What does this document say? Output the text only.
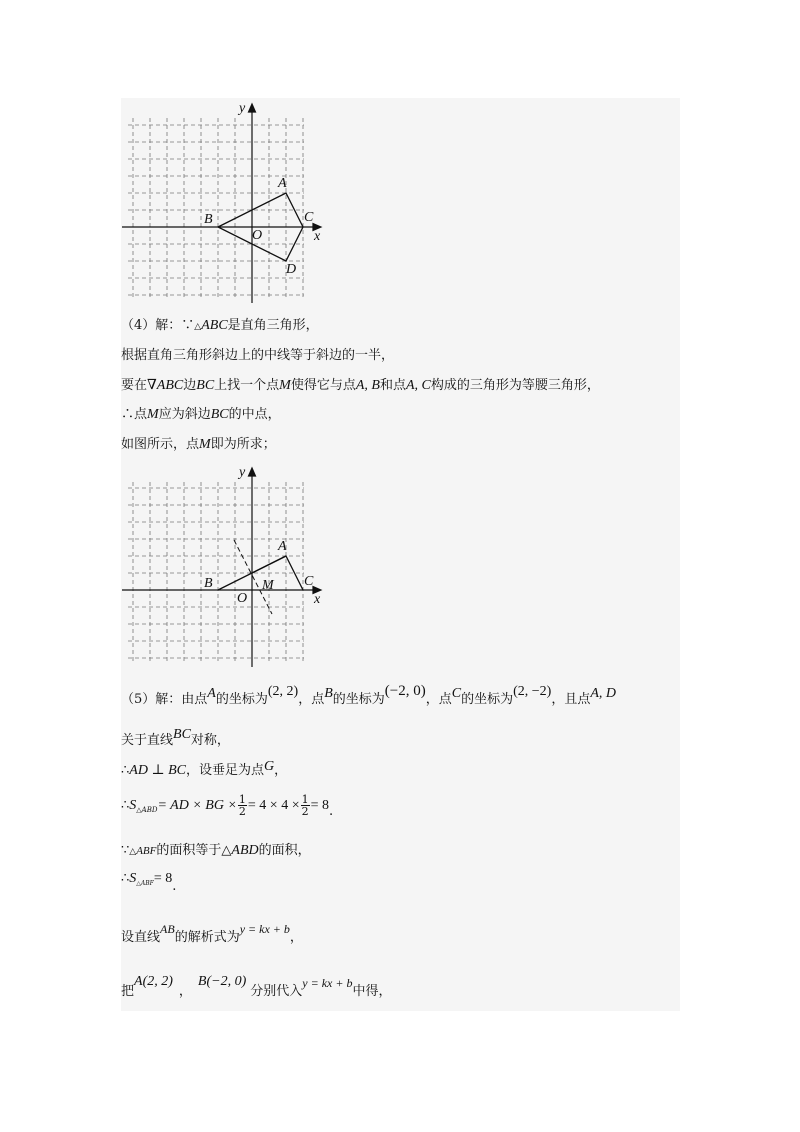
y
x
O
A
B	C
D
（4）解：∵△ABC是直角三角形，
根据直角三角形斜边上的中线等于斜边的一半，
要在∇ABC边BC上找一个点M使得它与点A, B和点A, C构成的三角形为等腰三角形，
∴点M应为斜边BC的中点，
如图所示，点M即为所求；
y
x
O
A
B	C
M
（5）解：由点A的坐标为(2, 2)，点B的坐标为(−2, 0)，点C的坐标为(2, −2)，且点A, D
关于直线BC对称，
∴AD ⊥ BC，设垂足为点G，
$\therefore S_{\triangle ABD}=$ AD × BG × $\frac{1}{2} = 4 \times 4 \times \frac{1}{2} = 8$.
∵△ABF的面积等于△ABD的面积，
$\therefore S_{\triangle ABF}= 8$.
设直线AB的解析式为y = kx + b，
把A(2, 2)，B(−2, 0)分别代入y = kx + b中得，
